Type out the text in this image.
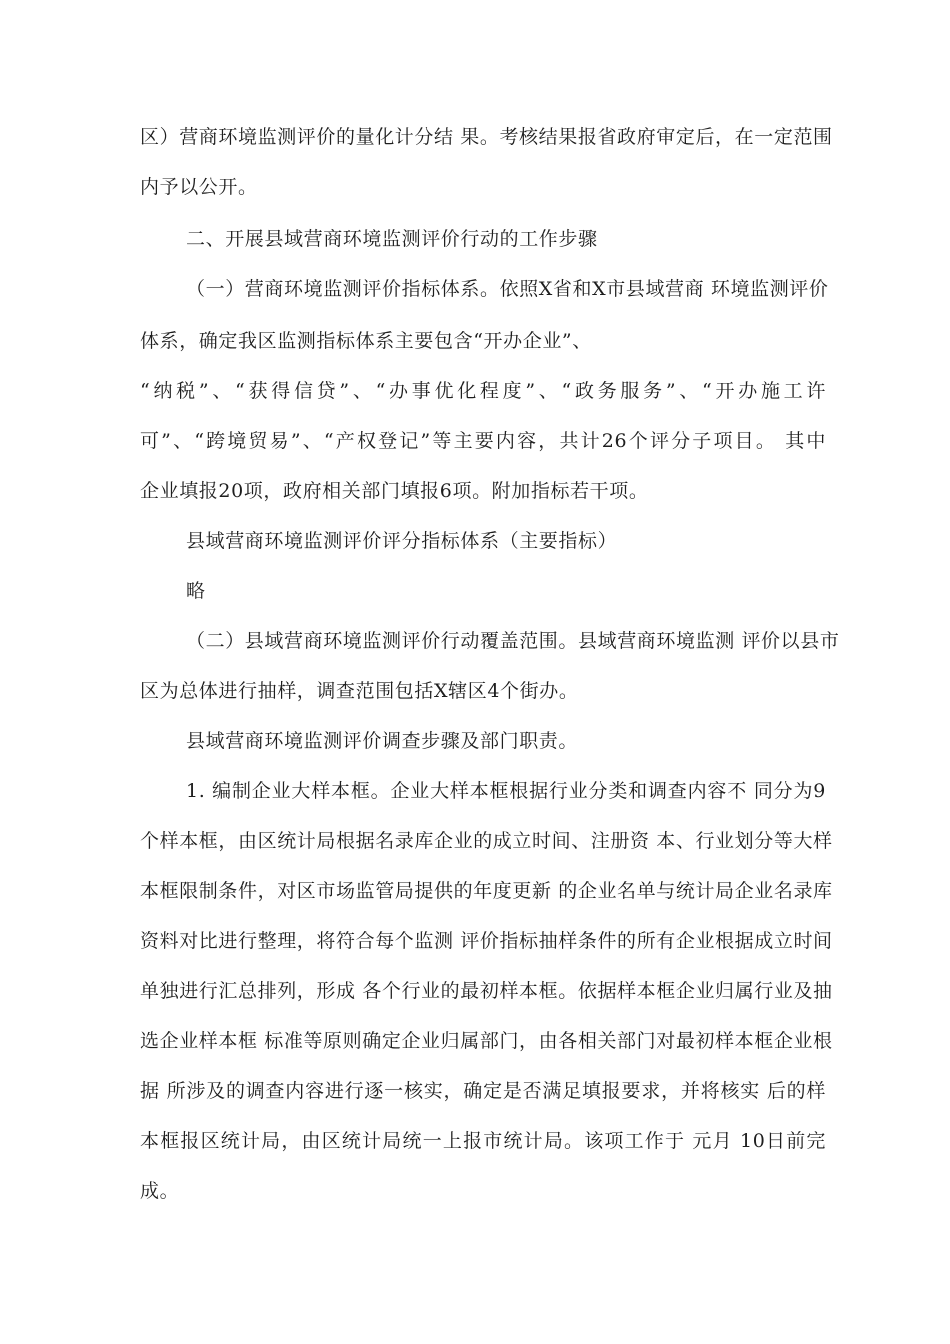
区）营商环境监测评价的量化计分结 果。考核结果报省政府审定后，在一定范围
内予以公开。
二、开展县域营商环境监测评价行动的工作步骤
（一）营商环境监测评价指标体系。依照X省和X市县域营商 环境监测评价
体系，确定我区监测指标体系主要包含“开办企业”、
“纳税”、“获得信贷”、“办事优化程度”、“政务服务”、“开办施工许
可”、“跨境贸易”、“产权登记”等主要内容，共计26个评分子项目。 其中
企业填报20项，政府相关部门填报6项。附加指标若干项。
县域营商环境监测评价评分指标体系（主要指标）
略
（二）县域营商环境监测评价行动覆盖范围。县域营商环境监测 评价以县市
区为总体进行抽样，调查范围包括X辖区4个街办。
县域营商环境监测评价调查步骤及部门职责。
1. 编制企业大样本框。企业大样本框根据行业分类和调查内容不 同分为9
个样本框，由区统计局根据名录库企业的成立时间、注册资 本、行业划分等大样
本框限制条件，对区市场监管局提供的年度更新 的企业名单与统计局企业名录库
资料对比进行整理，将符合每个监测 评价指标抽样条件的所有企业根据成立时间
单独进行汇总排列，形成 各个行业的最初样本框。依据样本框企业归属行业及抽
选企业样本框 标准等原则确定企业归属部门，由各相关部门对最初样本框企业根
据 所涉及的调查内容进行逐一核实，确定是否满足填报要求，并将核实 后的样
本框报区统计局，由区统计局统一上报市统计局。该项工作于 元月 10日前完
成。
